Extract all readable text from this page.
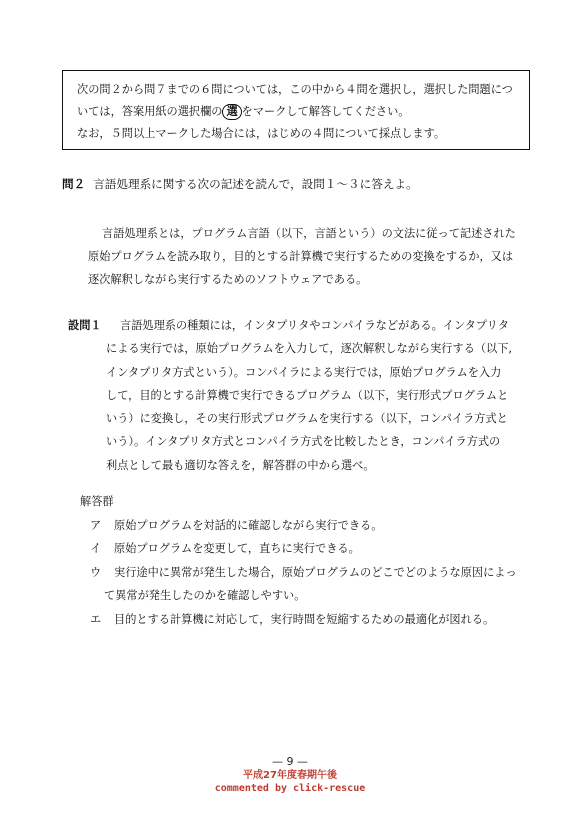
次の問２から問７までの６問については，この中から４問を選択し，選択した問題につ
いては，答案用紙の選択欄の 選 をマークして解答してください。
なお，５問以上マークした場合には，はじめの４問について採点します。
問２ 言語処理系に関する次の記述を読んで，設問１〜３に答えよ。
言語処理系とは，プログラム言語（以下，言語という）の文法に従って記述された
原始プログラムを読み取り，目的とする計算機で実行するための変換をするか，又は
逐次解釈しながら実行するためのソフトウェアである。
設問１ 言語処理系の種類には，インタプリタやコンパイラなどがある。インタプリタ
による実行では，原始プログラムを入力して，逐次解釈しながら実行する（以下,
インタプリタ方式という）。コンパイラによる実行では，原始プログラムを入力
して，目的とする計算機で実行できるプログラム（以下，実行形式プログラムと
いう）に変換し，その実行形式プログラムを実行する（以下，コンパイラ方式と
いう）。インタプリタ方式とコンパイラ方式を比較したとき，コンパイラ方式の
利点として最も適切な答えを，解答群の中から選べ。
解答群
ア 原始プログラムを対話的に確認しながら実行できる。
イ 原始プログラムを変更して，直ちに実行できる。
ウ 実行途中に異常が発生した場合，原始プログラムのどこでどのような原因によっ
て異常が発生したのかを確認しやすい。
エ 目的とする計算機に対応して，実行時間を短縮するための最適化が図れる。
— 9 —
平成27年度春期午後
commented by click-rescue
